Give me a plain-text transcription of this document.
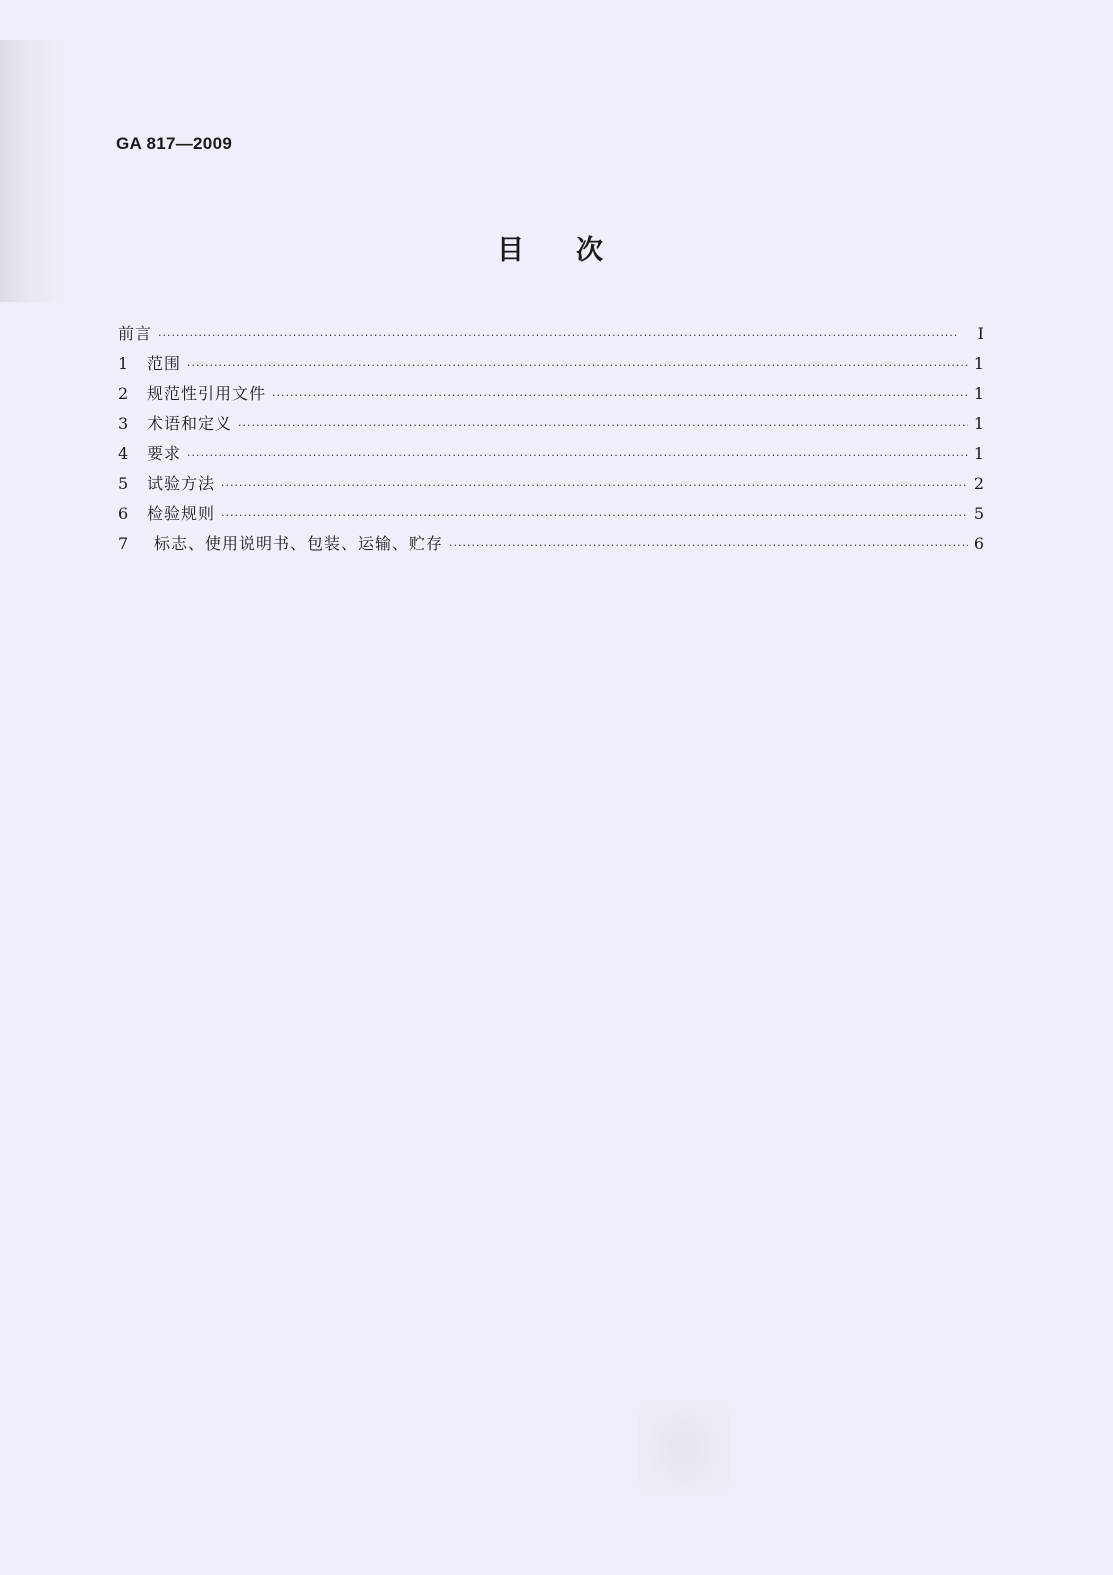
GA 817—2009
目次
前言 ·····	Ⅰ
1	范围 ·····	1
2	规范性引用文件 ·····	1
3	术语和定义 ·····	1
4	要求 ·····	1
5	试验方法 ·····	2
6	检验规则 ·····	5
7	标志、使用说明书、包装、运输、贮存 ·····	6
